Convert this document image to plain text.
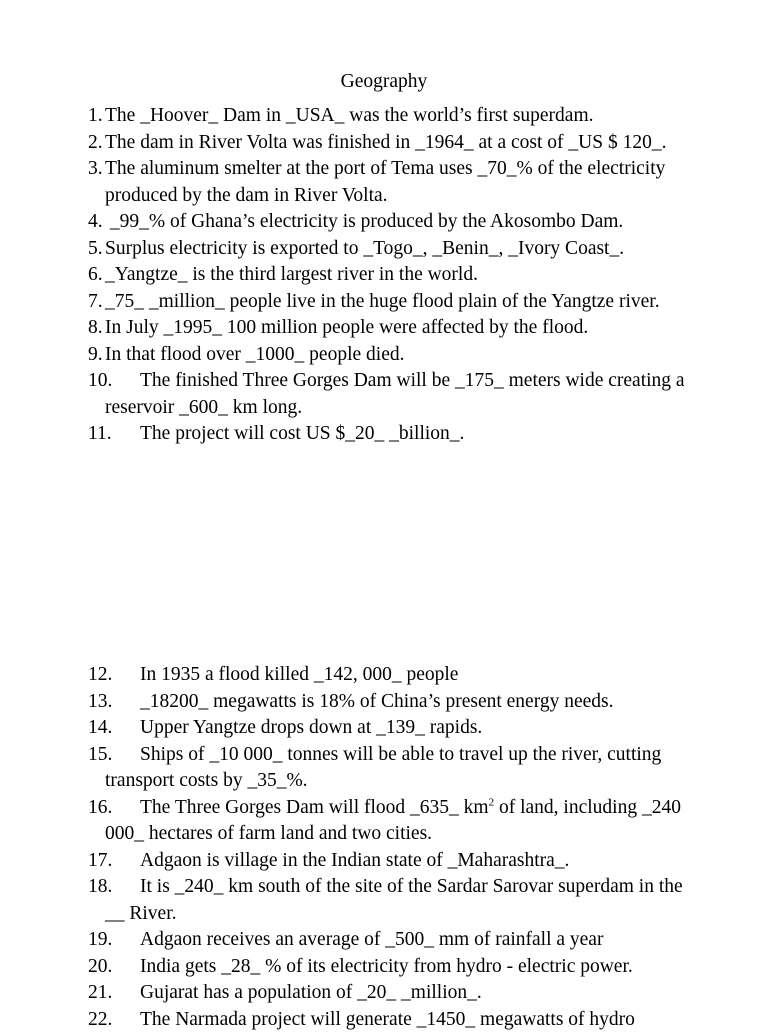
Geography
1. The _Hoover_ Dam in _USA_ was the world’s first superdam.
2. The dam in River Volta was finished in _1964_ at a cost of _US $ 120_.
3. The aluminum smelter at the port of Tema uses _70_% of the electricity produced by the dam in River Volta.
4. _99_% of Ghana’s electricity is produced by the Akosombo Dam.
5. Surplus electricity is exported to _Togo_, _Benin_, _Ivory Coast_.
6. _Yangtze_ is the third largest river in the world.
7. _75_ _million_ people live in the huge flood plain of the Yangtze river.
8. In July _1995_ 100 million people were affected by the flood.
9. In that flood over _1000_ people died.
10. The finished Three Gorges Dam will be _175_ meters wide creating a reservoir _600_ km long.
11. The project will cost US $_20_ _billion_.
12. In 1935 a flood killed _142, 000_ people
13. _18200_ megawatts is 18% of China’s present energy needs.
14. Upper Yangtze drops down at _139_ rapids.
15. Ships of _10 000_ tonnes will be able to travel up the river, cutting transport costs by _35_%.
16. The Three Gorges Dam will flood _635_ $km^2$ of land, including _240 000_ hectares of farm land and two cities.
17. Adgaon is village in the Indian state of _Maharashtra_.
18. It is _240_ km south of the site of the Sardar Sarovar superdam in the __ River.
19. Adgaon receives an average of _500_ mm of rainfall a year
20. India gets _28_ % of its electricity from hydro - electric power.
21. Gujarat has a population of _20_ _million_.
22. The Narmada project will generate _1450_ megawatts of hydro
